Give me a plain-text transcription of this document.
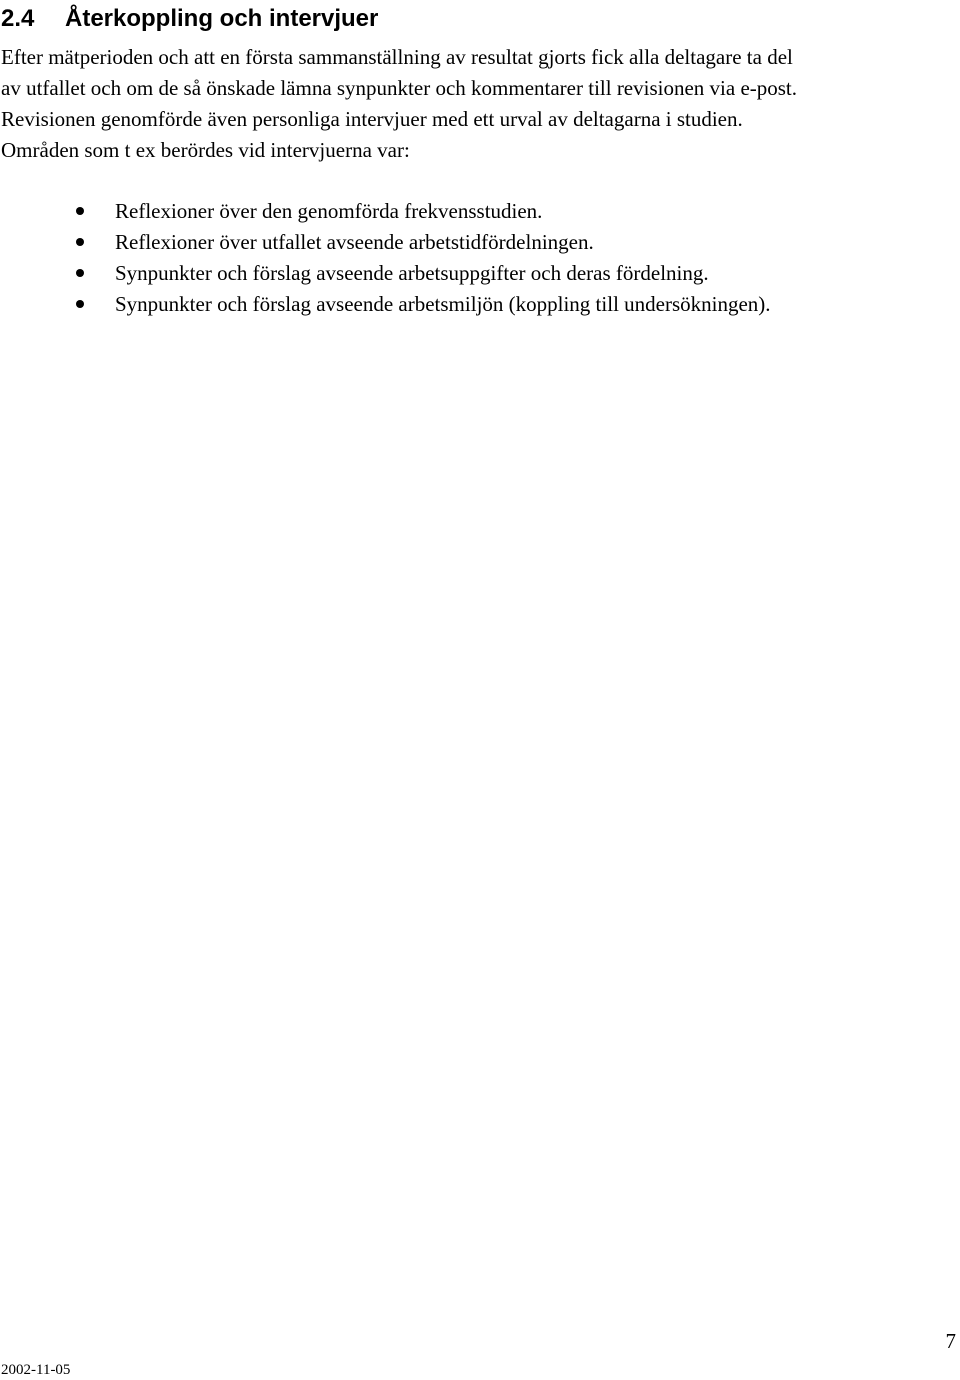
2.4 Återkoppling och intervjuer

Efter mätperioden och att en första sammanställning av resultat gjorts fick alla deltagare ta del
av utfallet och om de så önskade lämna synpunkter och kommentarer till revisionen via e-post.
Revisionen genomförde även personliga intervjuer med ett urval av deltagarna i studien.
Områden som t ex berördes vid intervjuerna var:

Reflexioner över den genomförda frekvensstudien.
Reflexioner över utfallet avseende arbetstidfördelningen.
Synpunkter och förslag avseende arbetsuppgifter och deras fördelning.
Synpunkter och förslag avseende arbetsmiljön (koppling till undersökningen).
7
2002-11-05
